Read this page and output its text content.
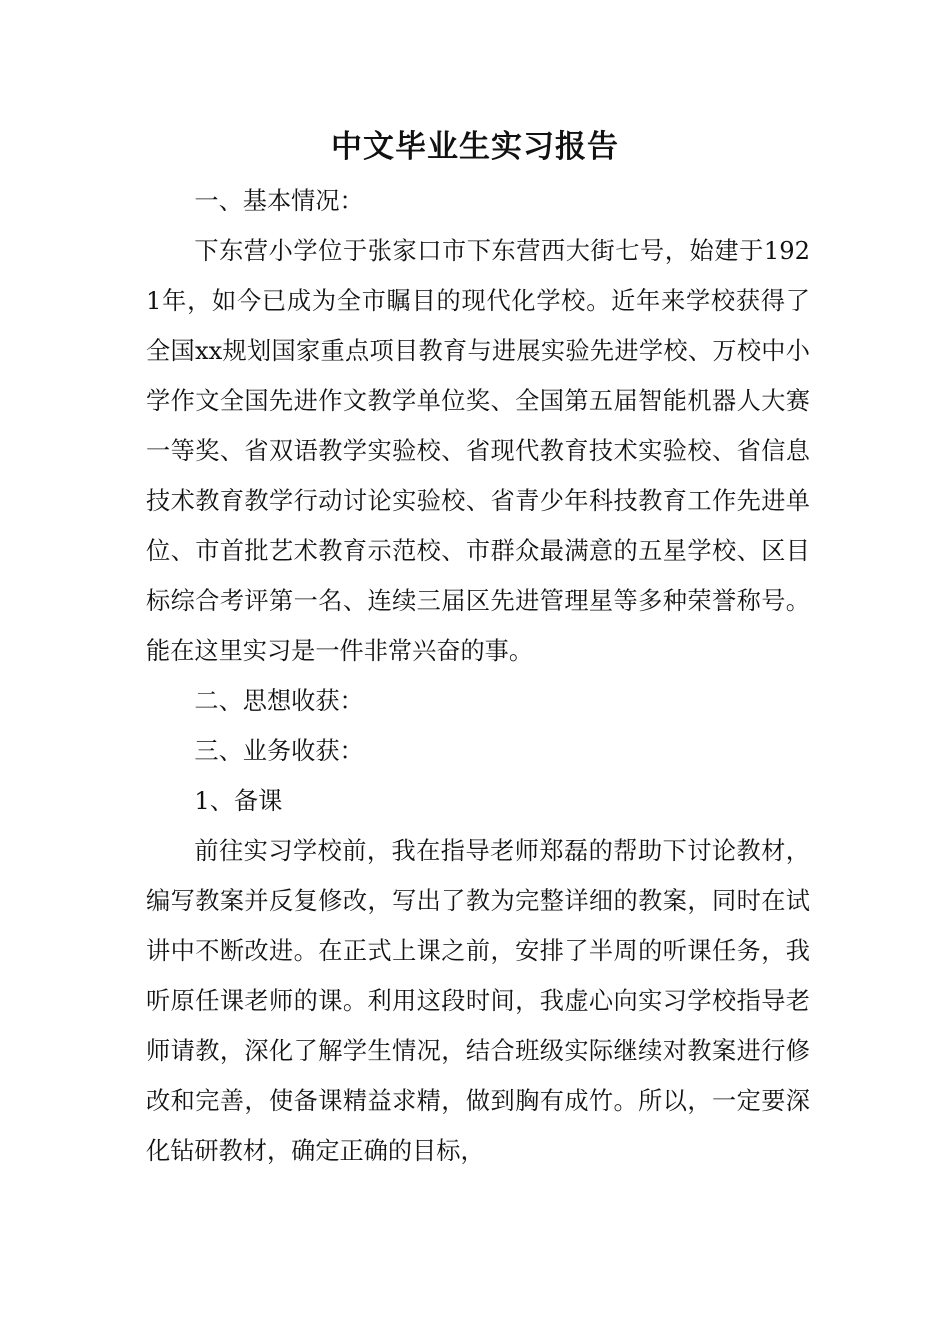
中文毕业生实习报告

一、基本情况：

下东营小学位于张家口市下东营西大街七号，始建于1921年，如今已成为全市瞩目的现代化学校。近年来学校获得了全国xx规划国家重点项目教育与进展实验先进学校、万校中小学作文全国先进作文教学单位奖、全国第五届智能机器人大赛一等奖、省双语教学实验校、省现代教育技术实验校、省信息技术教育教学行动讨论实验校、省青少年科技教育工作先进单位、市首批艺术教育示范校、市群众最满意的五星学校、区目标综合考评第一名、连续三届区先进管理星等多种荣誉称号。能在这里实习是一件非常兴奋的事。

二、思想收获：

三、业务收获：

1、备课

前往实习学校前，我在指导老师郑磊的帮助下讨论教材，编写教案并反复修改，写出了教为完整详细的教案，同时在试讲中不断改进。在正式上课之前，安排了半周的听课任务，我听原任课老师的课。利用这段时间，我虚心向实习学校指导老师请教，深化了解学生情况，结合班级实际继续对教案进行修改和完善，使备课精益求精，做到胸有成竹。所以，一定要深化钻研教材，确定正确的目标，
